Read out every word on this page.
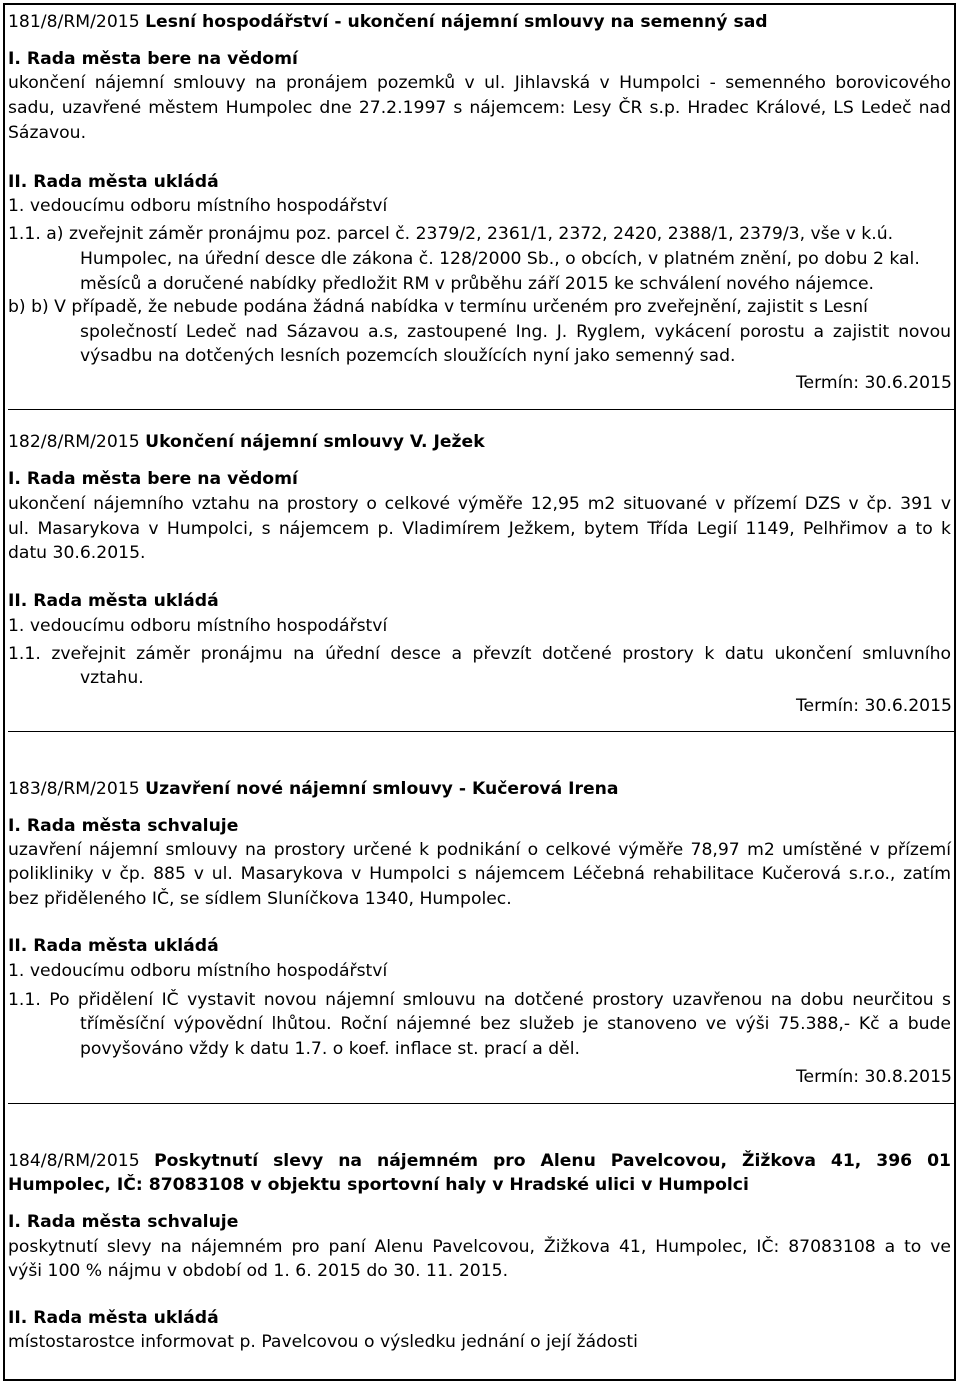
181/8/RM/2015 Lesní hospodářství - ukončení nájemní smlouvy na semenný sad
I. Rada města bere na vědomí
ukončení nájemní smlouvy na pronájem pozemků v ul. Jihlavská v Humpolci - semenného borovicového
sadu, uzavřené městem Humpolec dne 27.2.1997 s nájemcem: Lesy ČR s.p. Hradec Králové, LS Ledeč nad
Sázavou.
II. Rada města ukládá
1. vedoucímu odboru místního hospodářství
1.1. a) zveřejnit záměr pronájmu poz. parcel č. 2379/2, 2361/1, 2372, 2420, 2388/1, 2379/3, vše v k.ú.
Humpolec, na úřední desce dle zákona č. 128/2000 Sb., o obcích, v platném znění, po dobu 2 kal.
měsíců a doručené nabídky předložit RM v průběhu září 2015 ke schválení nového nájemce.
b) b) V případě, že nebude podána žádná nabídka v termínu určeném pro zveřejnění, zajistit s Lesní
společností Ledeč nad Sázavou a.s, zastoupené Ing. J. Ryglem, vykácení porostu a zajistit novou
výsadbu na dotčených lesních pozemcích sloužících nyní jako semenný sad.
Termín: 30.6.2015
182/8/RM/2015 Ukončení nájemní smlouvy V. Ježek
I. Rada města bere na vědomí
ukončení nájemního vztahu na prostory o celkové výměře 12,95 m2 situované v přízemí DZS v čp. 391 v
ul. Masarykova v Humpolci, s nájemcem p. Vladimírem Ježkem, bytem Třída Legií 1149, Pelhřimov a to k
datu 30.6.2015.
II. Rada města ukládá
1. vedoucímu odboru místního hospodářství
1.1. zveřejnit záměr pronájmu na úřední desce a převzít dotčené prostory k datu ukončení smluvního
vztahu.
Termín: 30.6.2015
183/8/RM/2015 Uzavření nové nájemní smlouvy - Kučerová Irena
I. Rada města schvaluje
uzavření nájemní smlouvy na prostory určené k podnikání o celkové výměře 78,97 m2 umístěné v přízemí
polikliniky v čp. 885 v ul. Masarykova v Humpolci s nájemcem Léčebná rehabilitace Kučerová s.r.o., zatím
bez přiděleného IČ, se sídlem Sluníčkova 1340, Humpolec.
II. Rada města ukládá
1. vedoucímu odboru místního hospodářství
1.1. Po přidělení IČ vystavit novou nájemní smlouvu na dotčené prostory uzavřenou na dobu neurčitou s
tříměsíční výpovědní lhůtou. Roční nájemné bez služeb je stanoveno ve výši 75.388,- Kč a bude
povyšováno vždy k datu 1.7. o koef. inflace st. prací a děl.
Termín: 30.8.2015
184/8/RM/2015 Poskytnutí slevy na nájemném pro Alenu Pavelcovou, Žižkova 41, 396 01
Humpolec, IČ: 87083108 v objektu sportovní haly v Hradské ulici v Humpolci
I. Rada města schvaluje
poskytnutí slevy na nájemném pro paní Alenu Pavelcovou, Žižkova 41, Humpolec, IČ: 87083108 a to ve
výši 100 % nájmu v období od 1. 6. 2015 do 30. 11. 2015.
II. Rada města ukládá
místostarostce informovat p. Pavelcovou o výsledku jednání o její žádosti
